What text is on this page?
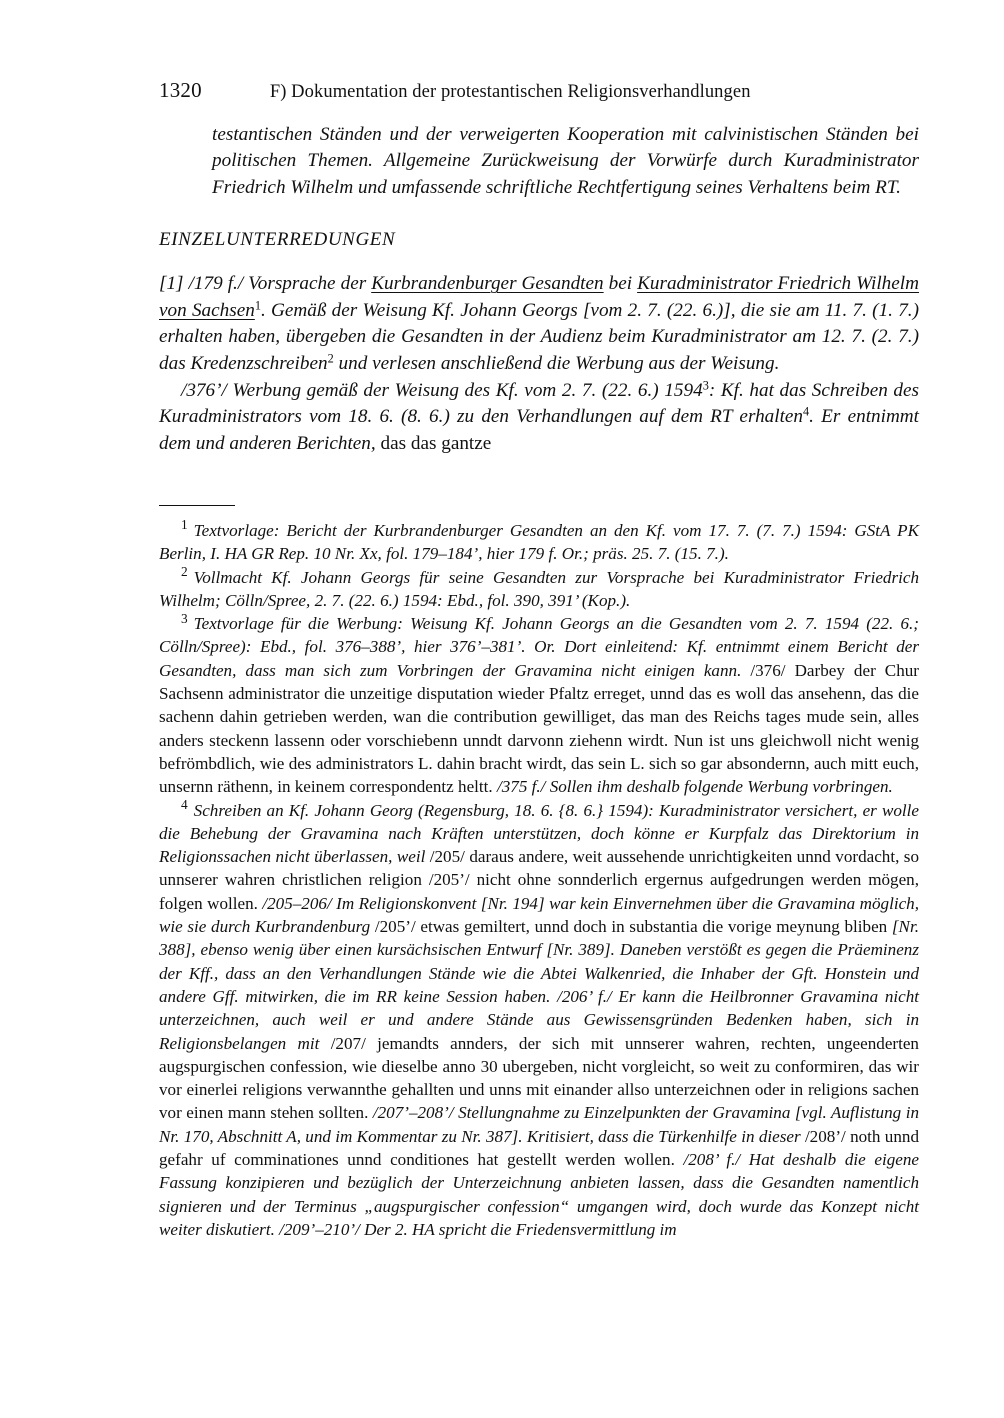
1320	F) Dokumentation der protestantischen Religionsverhandlungen

testantischen Ständen und der verweigerten Kooperation mit calvinistischen Ständen bei politischen Themen. Allgemeine Zurückweisung der Vorwürfe durch Kuradministrator Friedrich Wilhelm und umfassende schriftliche Rechtfertigung seines Verhaltens beim RT.

EINZELUNTERREDUNGEN

[1] /179 f./ Vorsprache der Kurbrandenburger Gesandten bei Kuradministrator Friedrich Wilhelm von Sachsen$^1$. Gemäß der Weisung Kf. Johann Georgs [vom 2. 7. (22. 6.)], die sie am 11. 7. (1. 7.) erhalten haben, übergeben die Gesandten in der Audienz beim Kuradministrator am 12. 7. (2. 7.) das Kredenzschreiben$^2$ und verlesen anschließend die Werbung aus der Weisung.

/376’/ Werbung gemäß der Weisung des Kf. vom 2. 7. (22. 6.) 1594$^3$: Kf. hat das Schreiben des Kuradministrators vom 18. 6. (8. 6.) zu den Verhandlungen auf dem RT erhalten$^4$. Er entnimmt dem und anderen Berichten, das das gantze

$^1$ Textvorlage: Bericht der Kurbrandenburger Gesandten an den Kf. vom 17. 7. (7. 7.) 1594: GStA PK Berlin, I. HA GR Rep. 10 Nr. Xx, fol. 179–184’, hier 179 f. Or.; präs. 25. 7. (15. 7.).

$^2$ Vollmacht Kf. Johann Georgs für seine Gesandten zur Vorsprache bei Kuradministrator Friedrich Wilhelm; Cölln/Spree, 2. 7. (22. 6.) 1594: Ebd., fol. 390, 391’ (Kop.).

$^3$ Textvorlage für die Werbung: Weisung Kf. Johann Georgs an die Gesandten vom 2. 7. 1594 (22. 6.; Cölln/Spree): Ebd., fol. 376–388’, hier 376’–381’. Or. Dort einleitend: Kf. entnimmt einem Bericht der Gesandten, dass man sich zum Vorbringen der Gravamina nicht einigen kann. /376/ Darbey der Chur Sachsenn administrator die unzeitige disputation wieder Pfaltz erreget, unnd das es woll das ansehenn, das die sachenn dahin getrieben werden, wan die contribution gewilliget, das man des Reichs tages mude sein, alles anders steckenn lassenn oder vorschiebenn unndt darvonn ziehenn wirdt. Nun ist uns gleichwoll nicht wenig befrömbdlich, wie des administrators L. dahin bracht wirdt, das sein L. sich so gar absondernn, auch mitt euch, unsernn räthenn, in keinem correspondentz heltt. /375 f./ Sollen ihm deshalb folgende Werbung vorbringen.

$^4$ Schreiben an Kf. Johann Georg (Regensburg, 18. 6. {8. 6.} 1594): Kuradministrator versichert, er wolle die Behebung der Gravamina nach Kräften unterstützen, doch könne er Kurpfalz das Direktorium in Religionssachen nicht überlassen, weil /205/ daraus andere, weit aussehende unrichtigkeiten unnd vordacht, so unnserer wahren christlichen religion /205’/ nicht ohne sonnderlich ergernus aufgedrungen werden mögen, folgen wollen. /205–206/ Im Religionskonvent [Nr. 194] war kein Einvernehmen über die Gravamina möglich, wie sie durch Kurbrandenburg /205’/ etwas gemiltert, unnd doch in substantia die vorige meynung bliben [Nr. 388], ebenso wenig über einen kursächsischen Entwurf [Nr. 389]. Daneben verstößt es gegen die Präeminenz der Kff., dass an den Verhandlungen Stände wie die Abtei Walkenried, die Inhaber der Gft. Honstein und andere Gff. mitwirken, die im RR keine Session haben. /206’ f./ Er kann die Heilbronner Gravamina nicht unterzeichnen, auch weil er und andere Stände aus Gewissensgründen Bedenken haben, sich in Religionsbelangen mit /207/ jemandts annders, der sich mit unnserer wahren, rechten, ungeenderten augspurgischen confession, wie dieselbe anno 30 ubergeben, nicht vorgleicht, so weit zu conformiren, das wir vor einerlei religions verwannthe gehallten und unns mit einander allso unterzeichnen oder in religions sachen vor einen mann stehen sollten. /207’–208’/ Stellungnahme zu Einzelpunkten der Gravamina [vgl. Auflistung in Nr. 170, Abschnitt A, und im Kommentar zu Nr. 387]. Kritisiert, dass die Türkenhilfe in dieser /208’/ noth unnd gefahr uf comminationes unnd conditiones hat gestellt werden wollen. /208’ f./ Hat deshalb die eigene Fassung konzipieren und bezüglich der Unterzeichnung anbieten lassen, dass die Gesandten namentlich signieren und der Terminus „augspurgischer confession“ umgangen wird, doch wurde das Konzept nicht weiter diskutiert. /209’–210’/ Der 2. HA spricht die Friedensvermittlung im
